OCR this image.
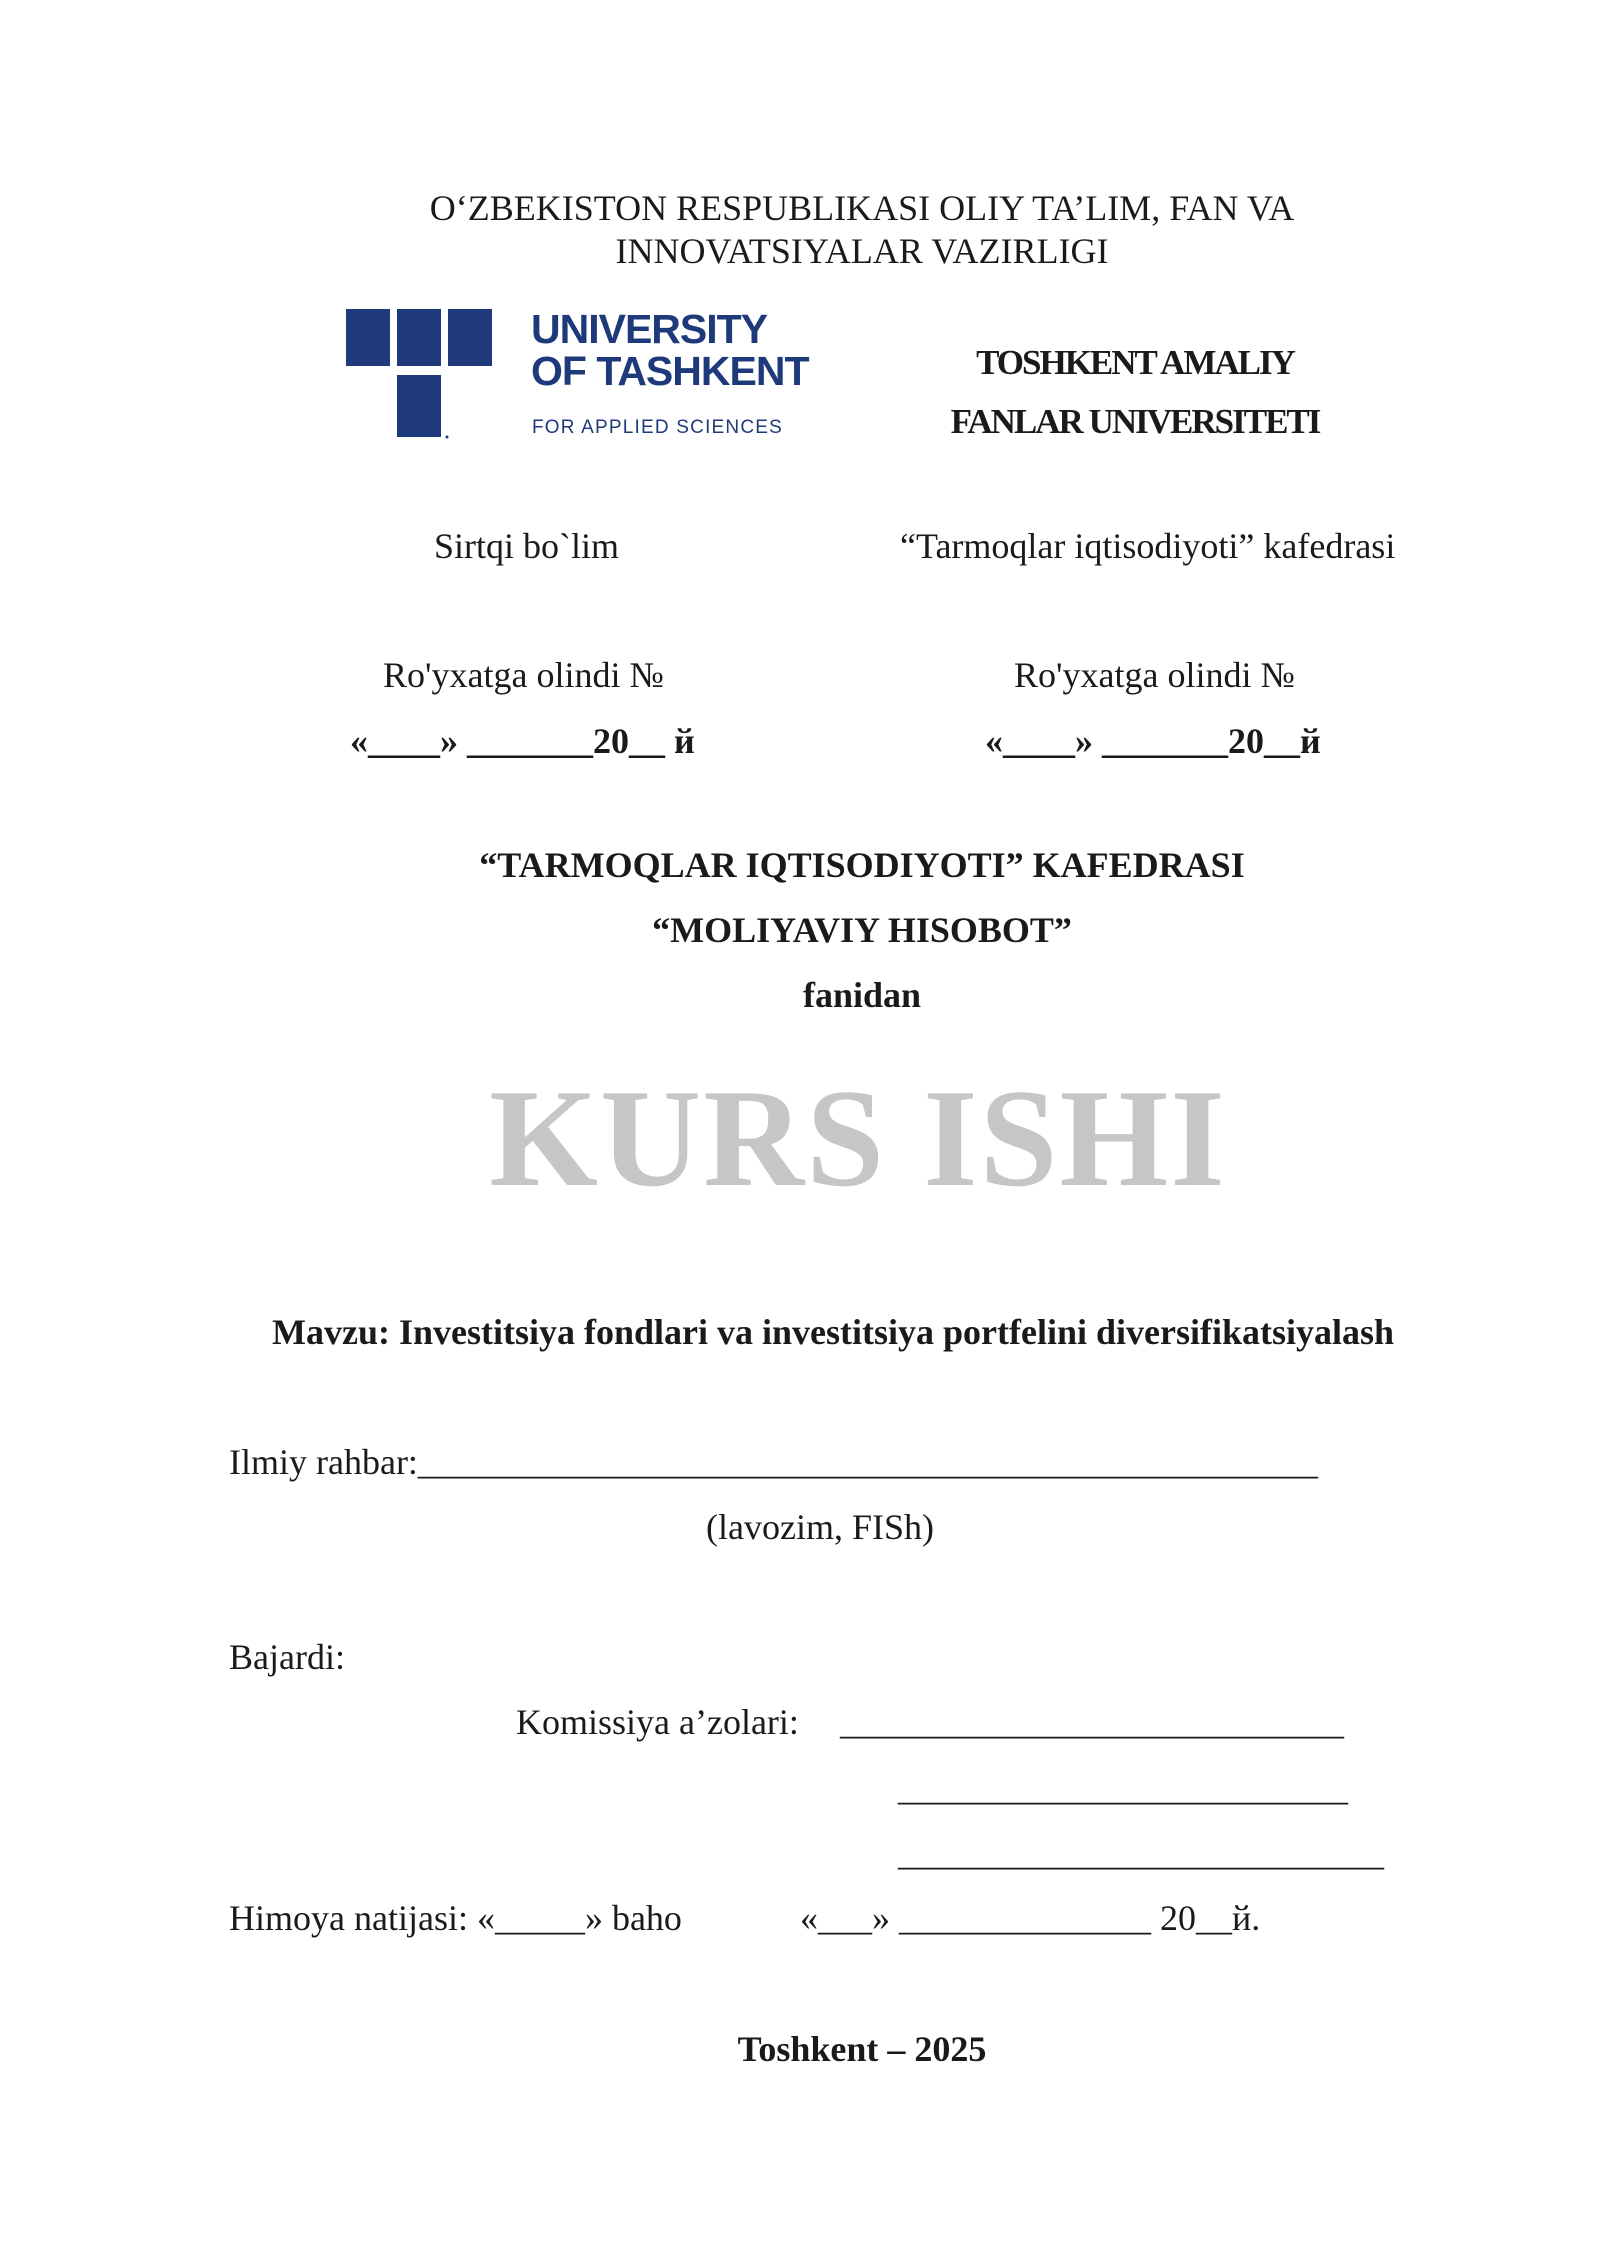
O‘ZBEKISTON RESPUBLIKASI OLIY TA’LIM, FAN VA
INNOVATSIYALAR VAZIRLIGI
UNIVERSITY
OF TASHKENT
FOR APPLIED SCIENCES
TOSHKENT AMALIY
FANLAR UNIVERSITETI
Sirtqi bo`lim	“Tarmoqlar iqtisodiyoti” kafedrasi
Ro'yxatga olindi №
«____» _______20__ й
Ro'yxatga olindi №
«____» _______20__й
“TARMOQLAR IQTISODIYOTI” KAFEDRASI
“MOLIYAVIY HISOBOT”
fanidan
KURS ISHI
Mavzu: Investitsiya fondlari va investitsiya portfelini diversifikatsiyalash
Ilmiy rahbar:__________________________________________________
(lavozim, FISh)
Bajardi:
Komissiya a’zolari: ____________________________
_________________________
___________________________
Himoya natijasi: «_____» baho	«___» ______________ 20__й.
Toshkent – 2025
